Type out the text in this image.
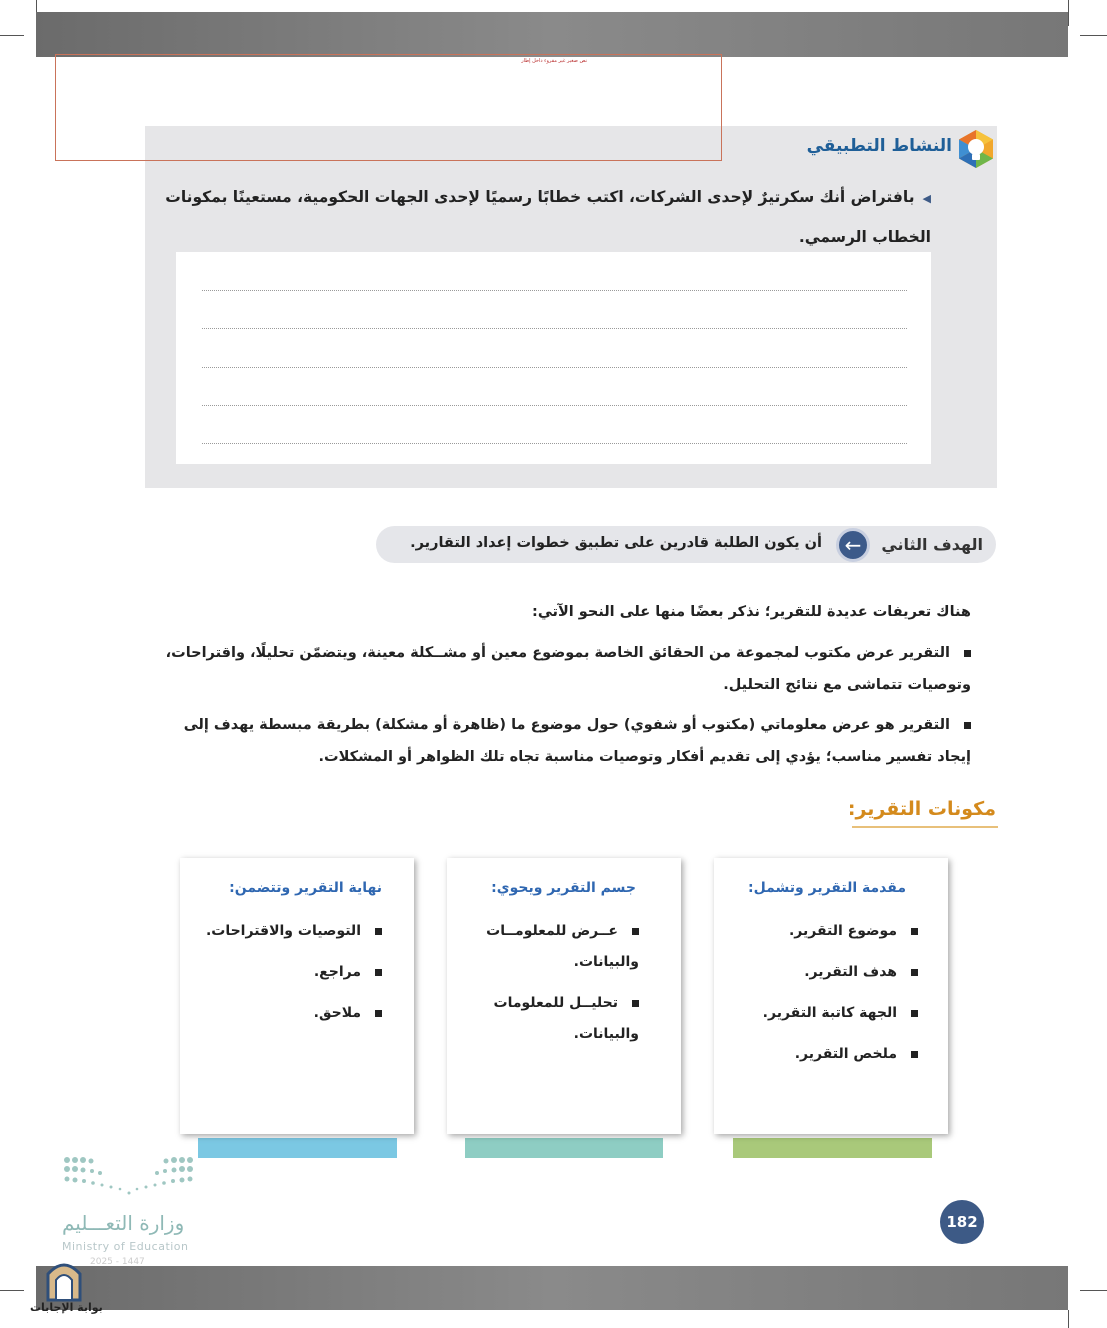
نص صغير غير مقروء داخل إطار
النشاط التطبيقي
◀بافتراض أنك سكرتيرٌ لإحدى الشركات، اكتب خطابًا رسميًا لإحدى الجهات الحكومية، مستعينًا بمكونات الخطاب الرسمي.
←	الهدف الثاني
أن يكون الطلبة قادرين على تطبيق خطوات إعداد التقارير.
هناك تعريفات عديدة للتقرير؛ نذكر بعضًا منها على النحو الآتي:
التقرير عرض مكتوب لمجموعة من الحقائق الخاصة بموضوع معين أو مشــكلة معينة، ويتضمّن تحليلًا، واقتراحات، وتوصيات تتماشى مع نتائج التحليل.
التقرير هو عرض معلوماتي (مكتوب أو شفوي) حول موضوع ما (ظاهرة أو مشكلة) بطريقة مبسطة يهدف إلى إيجاد تفسير مناسب؛ يؤدي إلى تقديم أفكار وتوصيات مناسبة تجاه تلك الظواهر أو المشكلات.
مكونات التقرير:
مقدمة التقرير وتشمل:
موضوع التقرير.
هدف التقرير.
الجهة كاتبة التقرير.
ملخص التقرير.
جسم التقرير ويحوي:
عــرض للمعلومــات والبيانات.
تحليــل للمعلومات والبيانات.
نهاية التقرير وتتضمن:
التوصيات والاقتراحات.
مراجع.
ملاحق.
وزارة التعـــليم
Ministry of Education
2025 - 1447
182
بوابة الإجابات
